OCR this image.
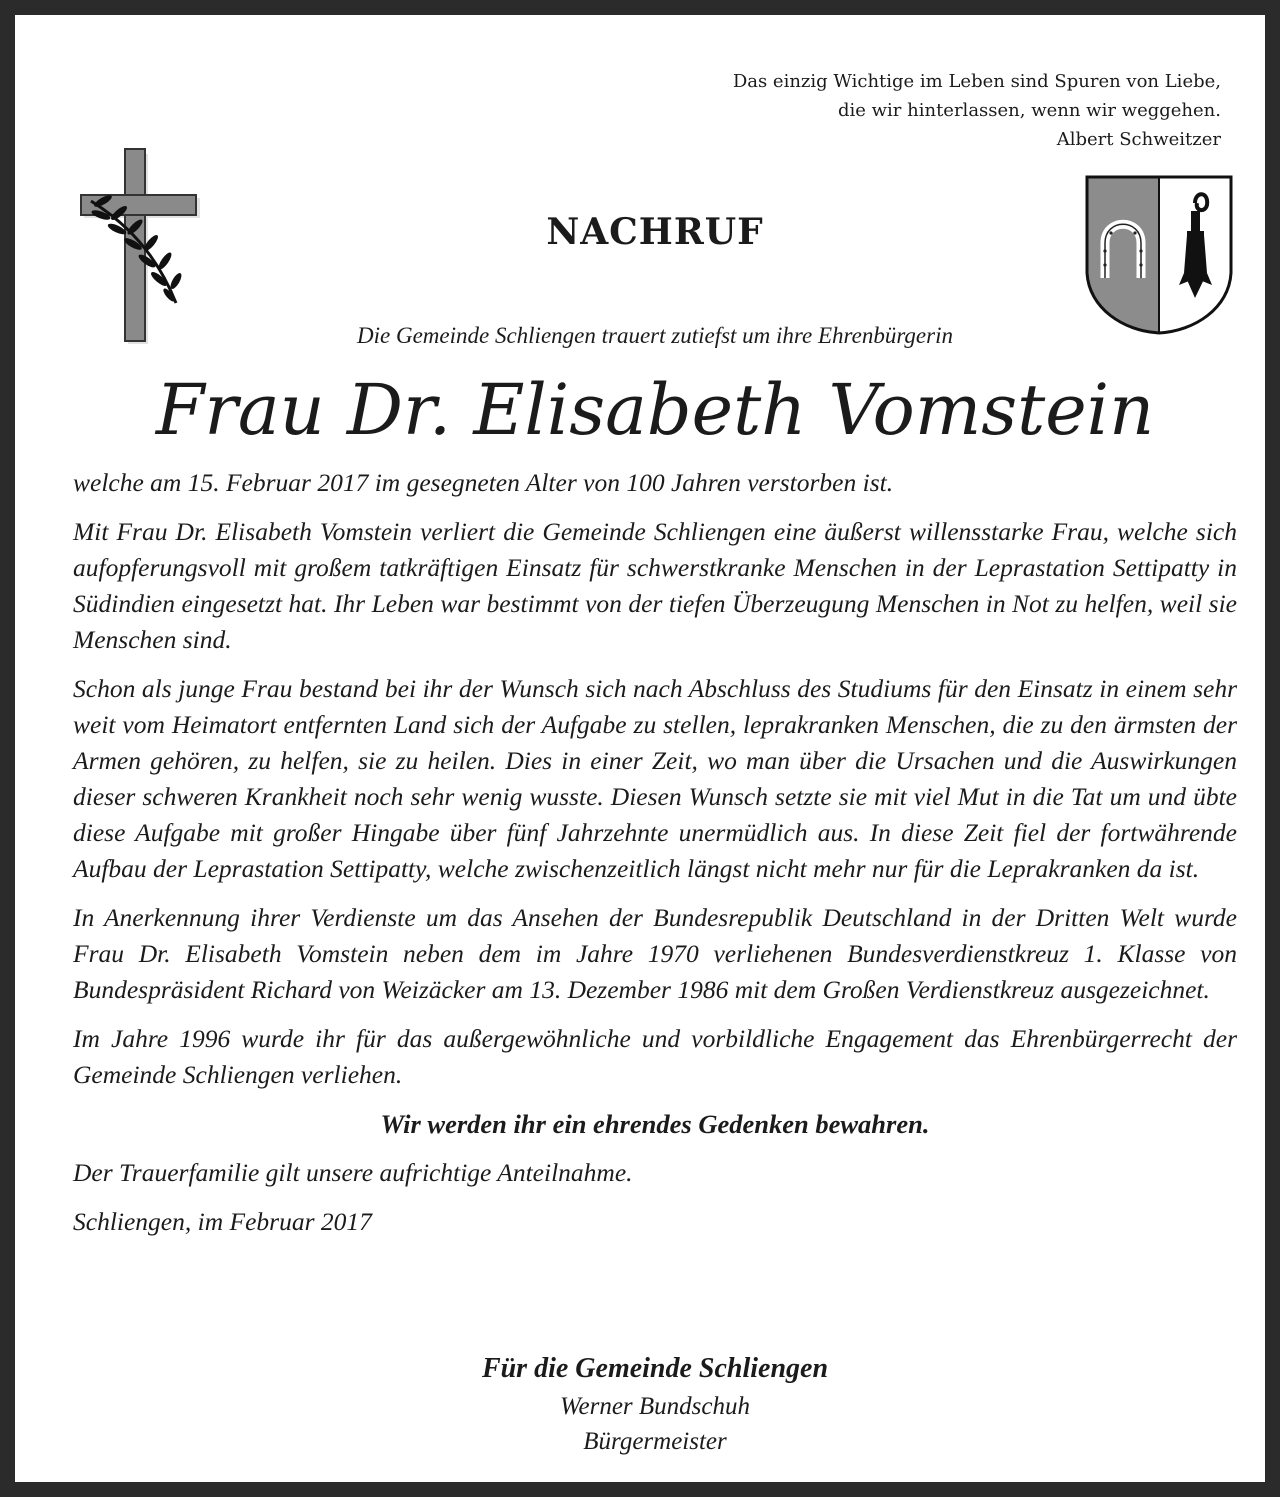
Das einzig Wichtige im Leben sind Spuren von Liebe,
die wir hinterlassen, wenn wir weggehen.
Albert Schweitzer
NACHRUF
Die Gemeinde Schliengen trauert zutiefst um ihre Ehrenbürgerin
Frau Dr. Elisabeth Vomstein

welche am 15. Februar 2017 im gesegneten Alter von 100 Jahren verstorben ist.

Mit Frau Dr. Elisabeth Vomstein verliert die Gemeinde Schliengen eine äußerst willensstarke Frau, welche sich aufopferungsvoll mit großem tatkräftigen Einsatz für schwerstkranke Menschen in der Leprastation Settipatty in Südindien eingesetzt hat. Ihr Leben war bestimmt von der tiefen Überzeugung Menschen in Not zu helfen, weil sie Menschen sind.

Schon als junge Frau bestand bei ihr der Wunsch sich nach Abschluss des Studiums für den Einsatz in einem sehr weit vom Heimatort entfernten Land sich der Aufgabe zu stellen, leprakranken Menschen, die zu den ärmsten der Armen gehören, zu helfen, sie zu heilen. Dies in einer Zeit, wo man über die Ursachen und die Auswirkungen dieser schweren Krankheit noch sehr wenig wusste. Diesen Wunsch setzte sie mit viel Mut in die Tat um und übte diese Aufgabe mit großer Hingabe über fünf Jahrzehnte unermüdlich aus. In diese Zeit fiel der fortwährende Aufbau der Leprastation Settipatty, welche zwischenzeitlich längst nicht mehr nur für die Leprakranken da ist.

In Anerkennung ihrer Verdienste um das Ansehen der Bundesrepublik Deutschland in der Dritten Welt wurde Frau Dr. Elisabeth Vomstein neben dem im Jahre 1970 verliehenen Bundesverdienstkreuz 1. Klasse von Bundespräsident Richard von Weizäcker am 13. Dezember 1986 mit dem Großen Verdienstkreuz ausgezeichnet.

Im Jahre 1996 wurde ihr für das außergewöhnliche und vorbildliche Engagement das Ehrenbürgerrecht der Gemeinde Schliengen verliehen.

Wir werden ihr ein ehrendes Gedenken bewahren.

Der Trauerfamilie gilt unsere aufrichtige Anteilnahme.

Schliengen, im Februar 2017

Für die Gemeinde Schliengen
Werner Bundschuh
Bürgermeister
